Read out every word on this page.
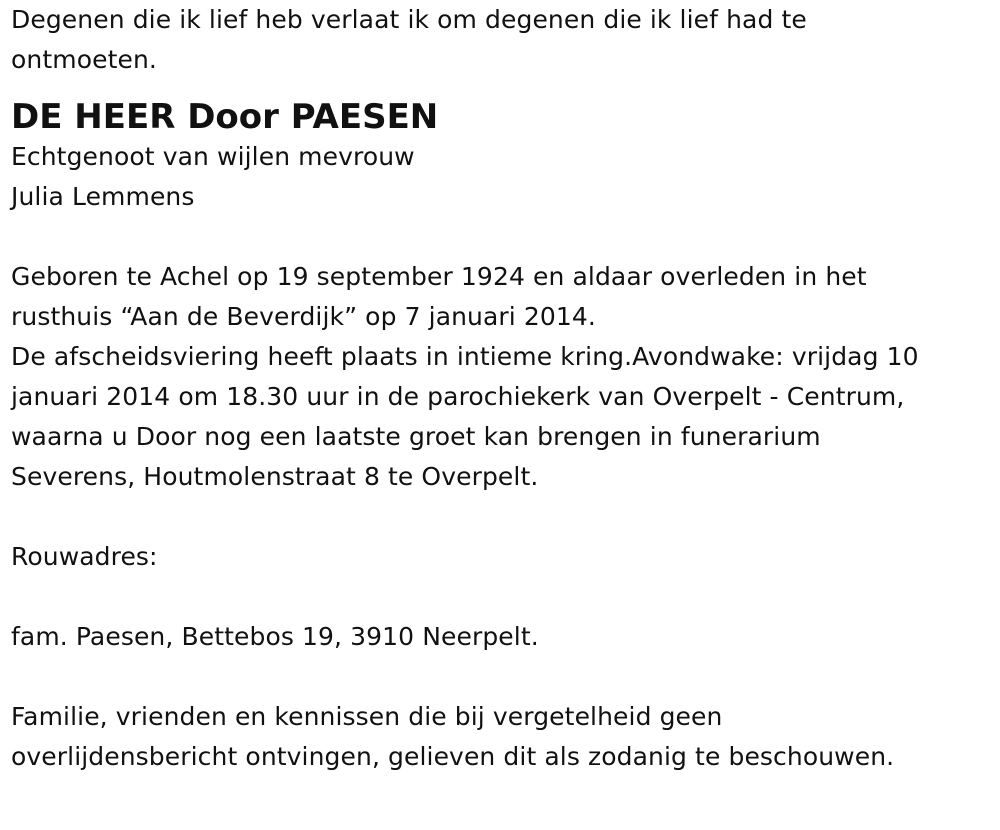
Degenen die ik lief heb verlaat ik om degenen die ik lief had te
ontmoeten.
DE HEER Door PAESEN
Echtgenoot van wijlen mevrouw
Julia Lemmens
Geboren te Achel op 19 september 1924 en aldaar overleden in het
rusthuis “Aan de Beverdijk” op 7 januari 2014.
De afscheidsviering heeft plaats in intieme kring.Avondwake: vrijdag 10
januari 2014 om 18.30 uur in de parochiekerk van Overpelt - Centrum,
waarna u Door nog een laatste groet kan brengen in funerarium
Severens, Houtmolenstraat 8 te Overpelt.
Rouwadres:
fam. Paesen, Bettebos 19, 3910 Neerpelt.
Familie, vrienden en kennissen die bij vergetelheid geen
overlijdensbericht ontvingen, gelieven dit als zodanig te beschouwen.
